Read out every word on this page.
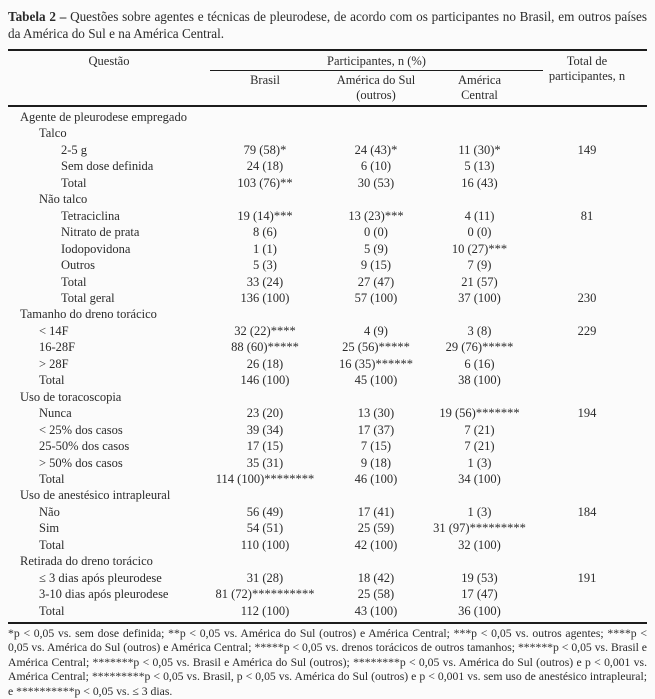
Tabela 2 – Questões sobre agentes e técnicas de pleurodese, de acordo com os participantes no Brasil, em outros países da América do Sul e na América Central.

Questão	Participantes, n (%)	Total de participantes, n
Brasil	América do Sul (outros)
América Central
Agente de pleurodese empregado
Talco
2-5 g	79 (58)*	24 (43)*	11 (30)*	149
Sem dose definida	24 (18)	6 (10)	5 (13)
Total	103 (76)**	30 (53)	16 (43)
Não talco
Tetraciclina	19 (14)***	13 (23)***	4 (11)	81
Nitrato de prata	8 (6)	0 (0)	0 (0)
Iodopovidona	1 (1)	5 (9)	10 (27)***
Outros	5 (3)	9 (15)	7 (9)
Total	33 (24)	27 (47)	21 (57)
Total geral	136 (100)	57 (100)	37 (100)	230
Tamanho do dreno torácico
< 14F	32 (22)****	4 (9)	3 (8)	229
16-28F	88 (60)*****	25 (56)*****	29 (76)*****
> 28F	26 (18)	16 (35)******	6 (16)
Total	146 (100)	45 (100)	38 (100)
Uso de toracoscopia
Nunca	23 (20)	13 (30)	19 (56)*******	194
< 25% dos casos	39 (34)	17 (37)	7 (21)
25-50% dos casos	17 (15)	7 (15)	7 (21)
> 50% dos casos	35 (31)	9 (18)	1 (3)
Total	114 (100)********	46 (100)	34 (100)
Uso de anestésico intrapleural
Não	56 (49)	17 (41)	1 (3)	184
Sim	54 (51)	25 (59)	31 (97)*********
Total	110 (100)	42 (100)	32 (100)
Retirada do dreno torácico
≤ 3 dias após pleurodese	31 (28)	18 (42)	19 (53)	191
3-10 dias após pleurodese	81 (72)**********	25 (58)	17 (47)
Total	112 (100)	43 (100)	36 (100)

*p < 0,05 vs. sem dose definida; **p < 0,05 vs. América do Sul (outros) e América Central; ***p < 0,05 vs. outros agentes; ****p < 0,05 vs. América do Sul (outros) e América Central; *****p < 0,05 vs. drenos torácicos de outros tamanhos; ******p < 0,05 vs. Brasil e América Central; *******p < 0,05 vs. Brasil e América do Sul (outros); ********p < 0,05 vs. América do Sul (outros) e p < 0,001 vs. América Central; *********p < 0,05 vs. Brasil, p < 0,05 vs. América do Sul (outros) e p < 0,001 vs. sem uso de anestésico intrapleural; e **********p < 0,05 vs. ≤ 3 dias.
